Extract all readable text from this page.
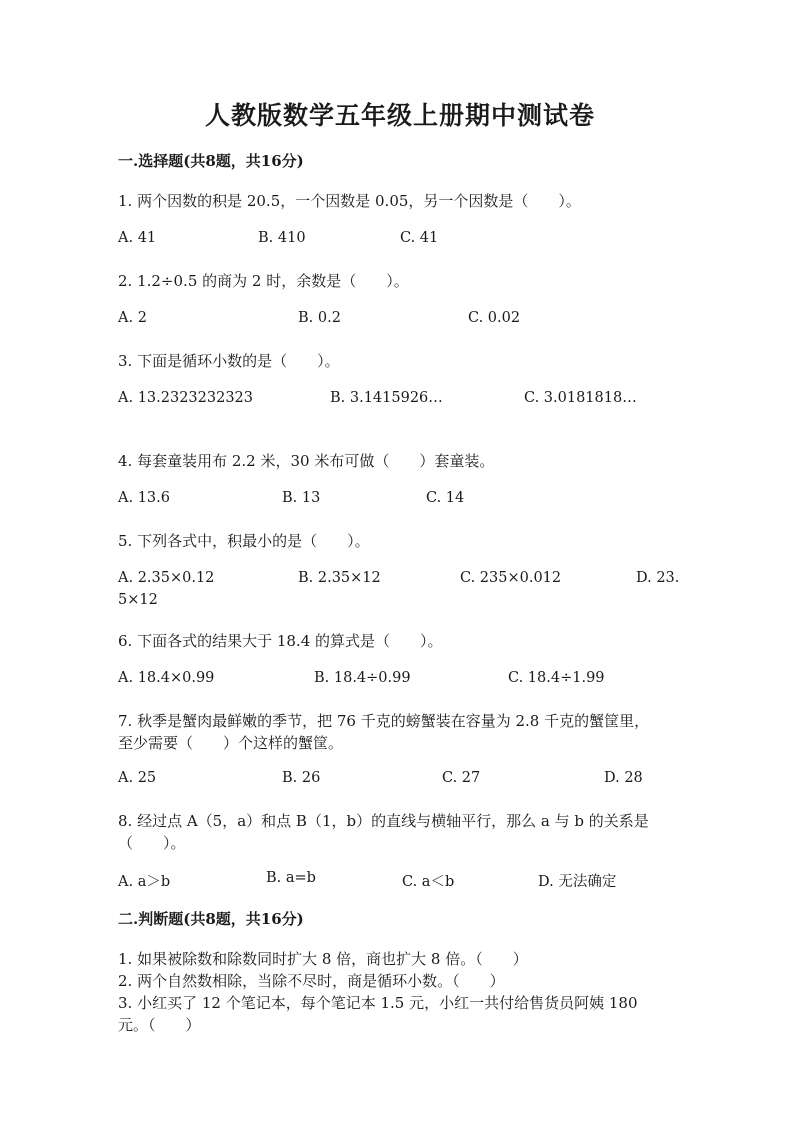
人教版数学五年级上册期中测试卷
一.选择题(共8题，共16分)
1. 两个因数的积是 20.5，一个因数是 0.05，另一个因数是（　　）。
A. 41	B. 410	C. 41
2. 1.2÷0.5 的商为 2 时，余数是（　　）。
A. 2	B. 0.2	C. 0.02
3. 下面是循环小数的是（　　）。
A. 13.2323232323	B. 3.1415926…	C. 3.0181818…
4. 每套童装用布 2.2 米，30 米布可做（　　）套童装。
A. 13.6	B. 13	C. 14
5. 下列各式中，积最小的是（　　）。
A. 2.35×0.12	B. 2.35×12	C. 235×0.012	D. 23.
5×12
6. 下面各式的结果大于 18.4 的算式是（　　）。
A. 18.4×0.99	B. 18.4÷0.99	C. 18.4÷1.99
7. 秋季是蟹肉最鲜嫩的季节，把 76 千克的螃蟹装在容量为 2.8 千克的蟹筐里，
至少需要（　　）个这样的蟹筐。
A. 25	B. 26	C. 27	D. 28
8. 经过点 A（5，a）和点 B（1，b）的直线与横轴平行，那么 a 与 b 的关系是
（　　）。
A. a＞b	B. a=b	C. a＜b	D. 无法确定
二.判断题(共8题，共16分)
1. 如果被除数和除数同时扩大 8 倍，商也扩大 8 倍。（　　）
2. 两个自然数相除，当除不尽时，商是循环小数。（　　）
3. 小红买了 12 个笔记本，每个笔记本 1.5 元，小红一共付给售货员阿姨 180
元。（　　）
